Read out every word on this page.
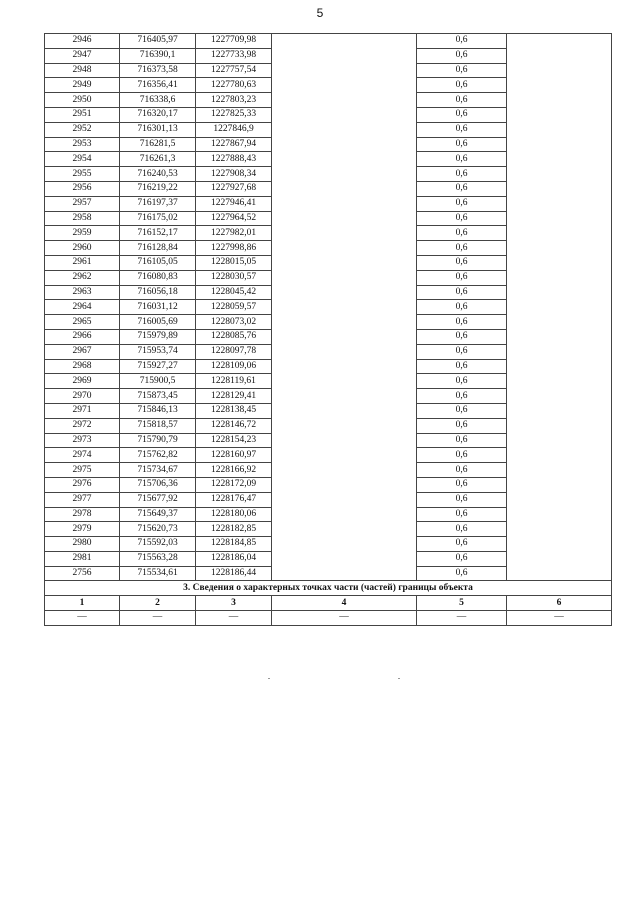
5
2946	716405,97	1227709,98		0,6	
2947	716390,1	1227733,98		0,6	
2948	716373,58	1227757,54		0,6	
2949	716356,41	1227780,63		0,6	
2950	716338,6	1227803,23		0,6	
2951	716320,17	1227825,33		0,6	
2952	716301,13	1227846,9		0,6	
2953	716281,5	1227867,94		0,6	
2954	716261,3	1227888,43		0,6	
2955	716240,53	1227908,34		0,6	
2956	716219,22	1227927,68		0,6	
2957	716197,37	1227946,41		0,6	
2958	716175,02	1227964,52		0,6	
2959	716152,17	1227982,01		0,6	
2960	716128,84	1227998,86		0,6	
2961	716105,05	1228015,05		0,6	
2962	716080,83	1228030,57		0,6	
2963	716056,18	1228045,42		0,6	
2964	716031,12	1228059,57		0,6	
2965	716005,69	1228073,02		0,6	
2966	715979,89	1228085,76		0,6	
2967	715953,74	1228097,78		0,6	
2968	715927,27	1228109,06		0,6	
2969	715900,5	1228119,61		0,6	
2970	715873,45	1228129,41		0,6	
2971	715846,13	1228138,45		0,6	
2972	715818,57	1228146,72		0,6	
2973	715790,79	1228154,23		0,6	
2974	715762,82	1228160,97		0,6	
2975	715734,67	1228166,92		0,6	
2976	715706,36	1228172,09		0,6	
2977	715677,92	1228176,47		0,6	
2978	715649,37	1228180,06		0,6	
2979	715620,73	1228182,85		0,6	
2980	715592,03	1228184,85		0,6	
2981	715563,28	1228186,04		0,6	
2756	715534,61	1228186,44		0,6	
3. Сведения о характерных точках части (частей) границы объекта					
1	2	3	4	5	6
—	—	—	—	—	—
